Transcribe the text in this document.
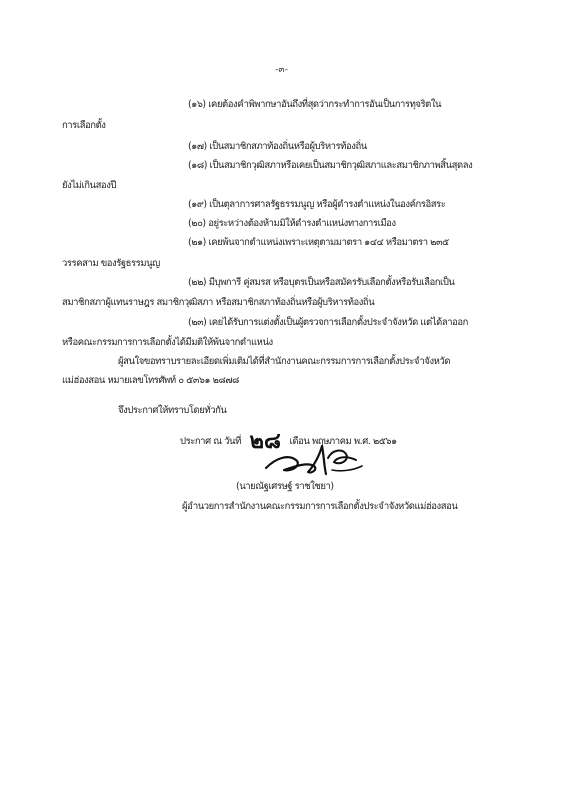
-๓-
(๑๖) เคยต้องคำพิพากษาอันถึงที่สุดว่ากระทำการอันเป็นการทุจริตใน
การเลือกตั้ง
(๑๗) เป็นสมาชิกสภาท้องถิ่นหรือผู้บริหารท้องถิ่น
(๑๘) เป็นสมาชิกวุฒิสภาหรือเคยเป็นสมาชิกวุฒิสภาและสมาชิกภาพสิ้นสุดลง
ยังไม่เกินสองปี
(๑๙) เป็นตุลาการศาลรัฐธรรมนูญ หรือผู้ดำรงตำแหน่งในองค์กรอิสระ
(๒๐) อยู่ระหว่างต้องห้ามมิให้ดำรงตำแหน่งทางการเมือง
(๒๑) เคยพ้นจากตำแหน่งเพราะเหตุตามมาตรา ๑๔๔ หรือมาตรา ๒๓๕
วรรคสาม ของรัฐธรรมนูญ
(๒๒) มีบุพการี คู่สมรส หรือบุตรเป็นหรือสมัครรับเลือกตั้งหรือรับเลือกเป็น
สมาชิกสภาผู้แทนราษฎร สมาชิกวุฒิสภา หรือสมาชิกสภาท้องถิ่นหรือผู้บริหารท้องถิ่น
(๒๓) เคยได้รับการแต่งตั้งเป็นผู้ตรวจการเลือกตั้งประจำจังหวัด แต่ได้ลาออก
หรือคณะกรรมการการเลือกตั้งได้มีมติให้พ้นจากตำแหน่ง
ผู้สนใจขอทราบรายละเอียดเพิ่มเติมได้ที่สำนักงานคณะกรรมการการเลือกตั้งประจำจังหวัด
แม่ฮ่องสอน หมายเลขโทรศัพท์ ๐ ๕๓๖๑ ๒๘๗๘
จึงประกาศให้ทราบโดยทั่วกัน
ประกาศ ณ วันที่ ๒๘ เดือน พฤษภาคม พ.ศ. ๒๕๖๑
(นายณัฐเศรษฐ์ ราชใชยา)
ผู้อำนวยการสำนักงานคณะกรรมการการเลือกตั้งประจำจังหวัดแม่ฮ่องสอน
